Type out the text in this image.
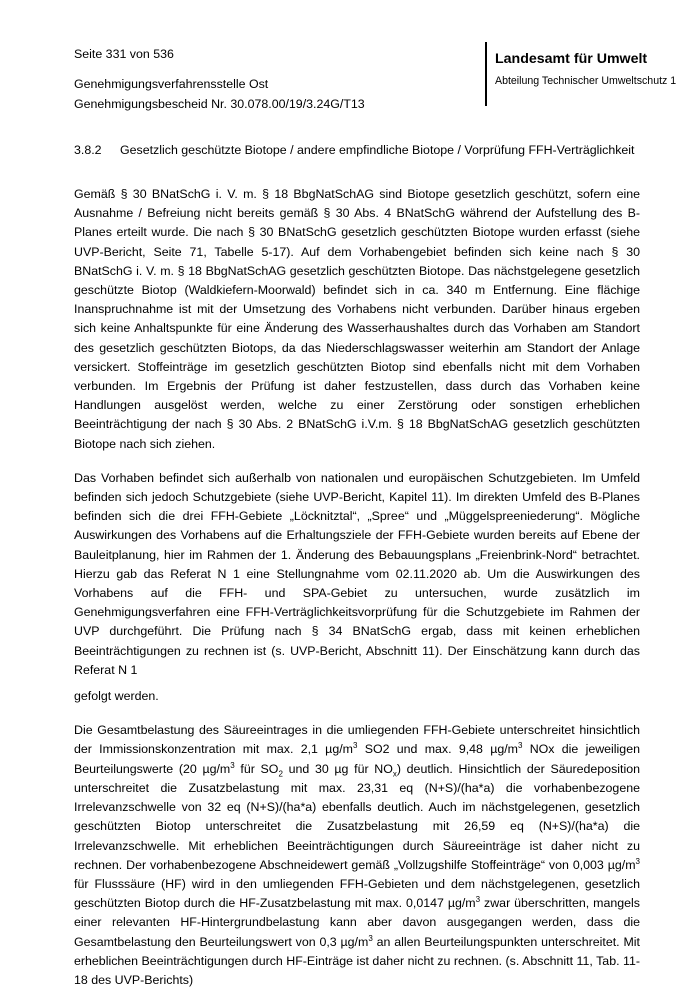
Seite 331 von 536
Genehmigungsverfahrensstelle Ost
Genehmigungsbescheid Nr. 30.078.00/19/3.24G/T13
Landesamt für Umwelt
Abteilung Technischer Umweltschutz 1
3.8.2 Gesetzlich geschützte Biotope / andere empfindliche Biotope / Vorprüfung FFH-Verträglichkeit

Gemäß § 30 BNatSchG i. V. m. § 18 BbgNatSchAG sind Biotope gesetzlich geschützt, sofern eine Ausnahme / Befreiung nicht bereits gemäß § 30 Abs. 4 BNatSchG während der Aufstellung des B-Planes erteilt wurde. Die nach § 30 BNatSchG gesetzlich geschützten Biotope wurden erfasst (siehe UVP-Bericht, Seite 71, Tabelle 5-17). Auf dem Vorhabengebiet befinden sich keine nach § 30 BNatSchG i. V. m. § 18 BbgNatSchAG gesetzlich geschützten Biotope. Das nächstgelegene gesetzlich geschützte Biotop (Waldkiefern-Moorwald) befindet sich in ca. 340 m Entfernung. Eine flächige Inanspruchnahme ist mit der Umsetzung des Vorhabens nicht verbunden. Darüber hinaus ergeben sich keine Anhaltspunkte für eine Änderung des Wasserhaushaltes durch das Vorhaben am Standort des gesetzlich geschützten Biotops, da das Niederschlagswasser weiterhin am Standort der Anlage versickert. Stoffeinträge im gesetzlich geschützten Biotop sind ebenfalls nicht mit dem Vorhaben verbunden. Im Ergebnis der Prüfung ist daher festzustellen, dass durch das Vorhaben keine Handlungen ausgelöst werden, welche zu einer Zerstörung oder sonstigen erheblichen Beeinträchtigung der nach § 30 Abs. 2 BNatSchG i.V.m. § 18 BbgNatSchAG gesetzlich geschützten Biotope nach sich ziehen.

Das Vorhaben befindet sich außerhalb von nationalen und europäischen Schutzgebieten. Im Umfeld befinden sich jedoch Schutzgebiete (siehe UVP-Bericht, Kapitel 11). Im direkten Umfeld des B-Planes befinden sich die drei FFH-Gebiete „Löcknitztal“, „Spree“ und „Müggelspreeniederung“. Mögliche Auswirkungen des Vorhabens auf die Erhaltungsziele der FFH-Gebiete wurden bereits auf Ebene der Bauleitplanung, hier im Rahmen der 1. Änderung des Bebauungsplans „Freienbrink-Nord“ betrachtet. Hierzu gab das Referat N 1 eine Stellungnahme vom 02.11.2020 ab. Um die Auswirkungen des Vorhabens auf die FFH- und SPA-Gebiet zu untersuchen, wurde zusätzlich im Genehmigungsverfahren eine FFH-Verträglichkeitsvorprüfung für die Schutzgebiete im Rahmen der UVP durchgeführt. Die Prüfung nach § 34 BNatSchG ergab, dass mit keinen erheblichen Beeinträchtigungen zu rechnen ist (s. UVP-Bericht, Abschnitt 11). Der Einschätzung kann durch das Referat N 1

gefolgt werden.

Die Gesamtbelastung des Säureeintrages in die umliegenden FFH-Gebiete unterschreitet hinsichtlich der Immissionskonzentration mit max. 2,1 $\mu g/m^3$ SO2 und max. 9,48 $\mu g/m^3$ NOx die jeweiligen Beurteilungswerte (20 $\mu g/m^3$ für $SO_2$ und 30 µg für $NO_x$) deutlich. Hinsichtlich der Säuredeposition unterschreitet die Zusatzbelastung mit max. 23,31 eq (N+S)/(ha*a) die vorhabenbezogene Irrelevanzschwelle von 32 eq (N+S)/(ha*a) ebenfalls deutlich. Auch im nächstgelegenen, gesetzlich geschützten Biotop unterschreitet die Zusatzbelastung mit 26,59 eq (N+S)/(ha*a) die Irrelevanzschwelle. Mit erheblichen Beeinträchtigungen durch Säureeinträge ist daher nicht zu rechnen. Der vorhabenbezogene Abschneidewert gemäß „Vollzugshilfe Stoffeinträge“ von 0,003 $\mu g/m^3$ für Flusssäure (HF) wird in den umliegenden FFH-Gebieten und dem nächstgelegenen, gesetzlich geschützten Biotop durch die HF-Zusatzbelastung mit max. 0,0147 $\mu g/m^3$ zwar überschritten, mangels einer relevanten HF-Hintergrundbelastung kann aber davon ausgegangen werden, dass die Gesamtbelastung den Beurteilungswert von 0,3 $\mu g/m^3$ an allen Beurteilungspunkten unterschreitet. Mit erheblichen Beeinträchtigungen durch HF-Einträge ist daher nicht zu rechnen. (s. Abschnitt 11, Tab. 11-18 des UVP-Berichts)
